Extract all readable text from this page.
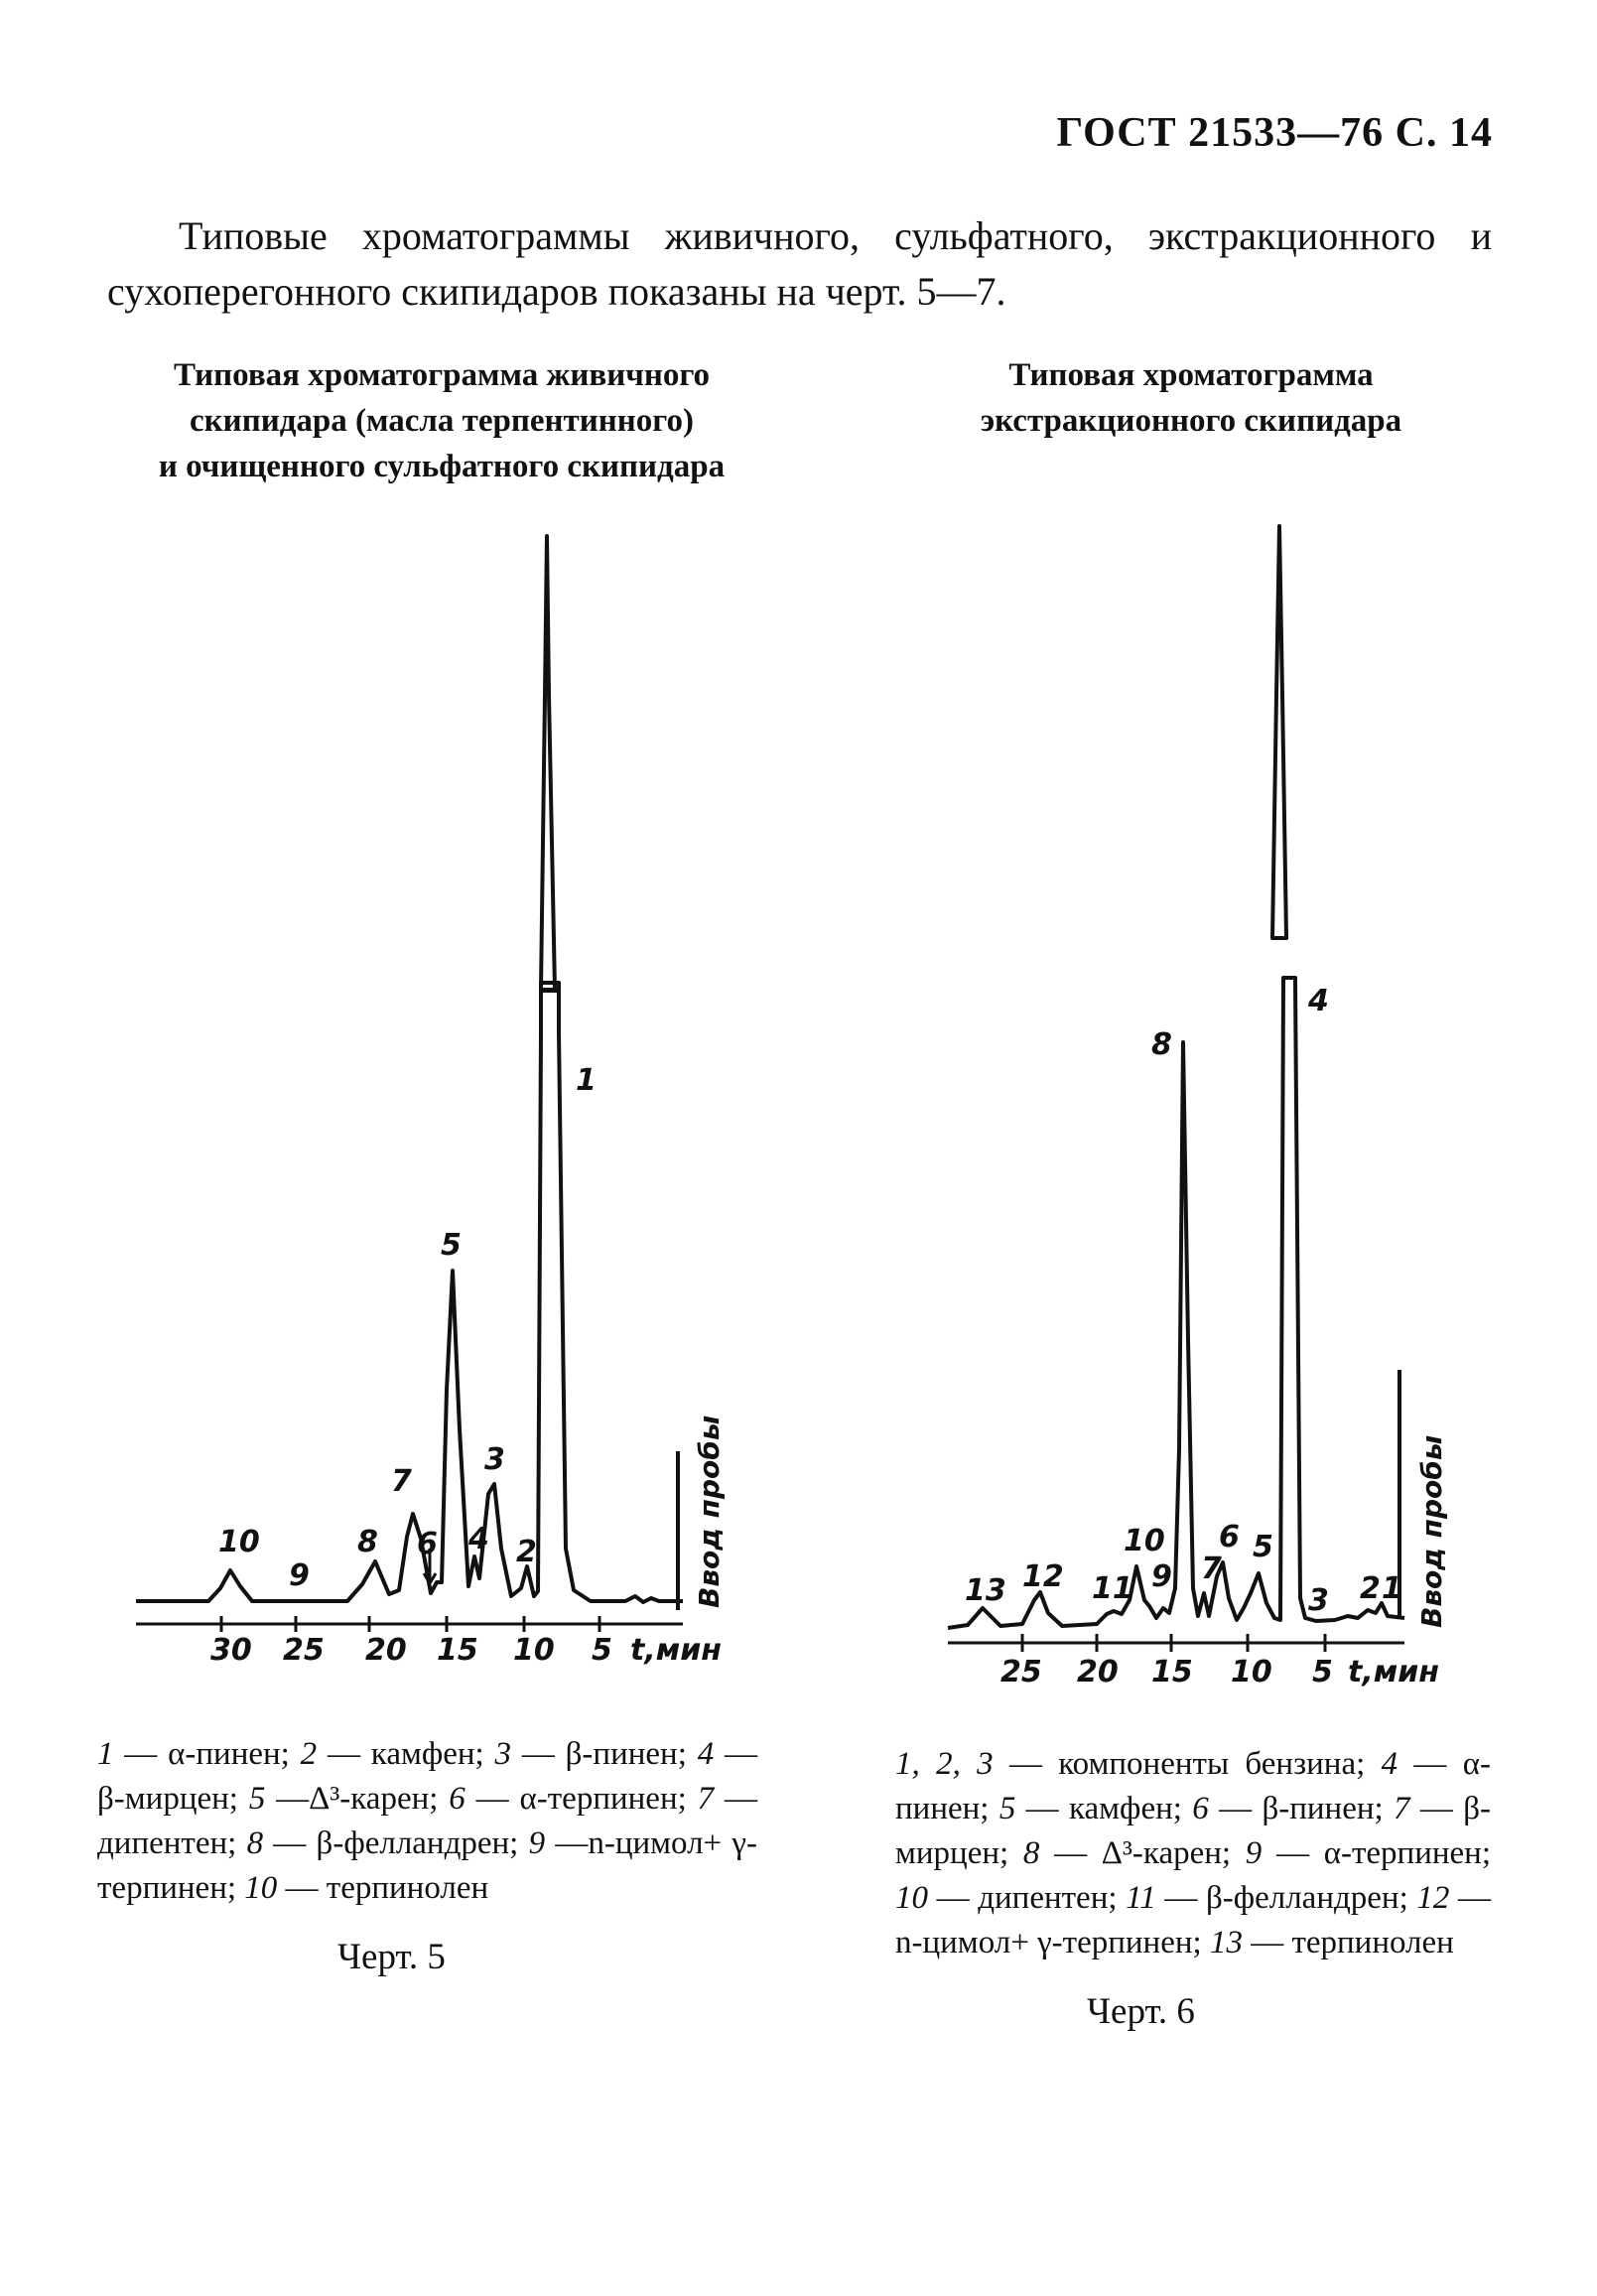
ГОСТ 21533—76 С. 14
Типовые хроматограммы живичного, сульфатного, экстракционного и сухоперегонного скипидаров показаны на черт. 5—7.
Типовая хроматограмма живичного
скипидара (масла терпентинного)
и очищенного сульфатного скипидара
Типовая хроматограмма
экстракционного скипидара
30 25 20 15 10 5 t,мин
Ввод пробы
1
2
3
4
5
6
7
8
9
10
25 20 15 10 5 t,мин
Ввод пробы
1
2
3
4
5
6
7
8
9
10
11
12
13
1 — α-пинен; 2 — камфен; 3 — β-пинен; 4 — β-мирцен; 5 —Δ³-карен; 6 — α-терпинен; 7 — дипентен; 8 — β-фелландрен; 9 —n-цимол+ γ-терпинен; 10 — терпинолен
1, 2, 3 — компоненты бензина; 4 — α-пинен; 5 — камфен; 6 — β-пинен; 7 — β-мирцен; 8 — Δ³-карен; 9 — α-терпинен; 10 — дипентен; 11 — β-фелландрен; 12 — n-цимол+ γ-терпинен; 13 — терпинолен
Черт. 5
Черт. 6
